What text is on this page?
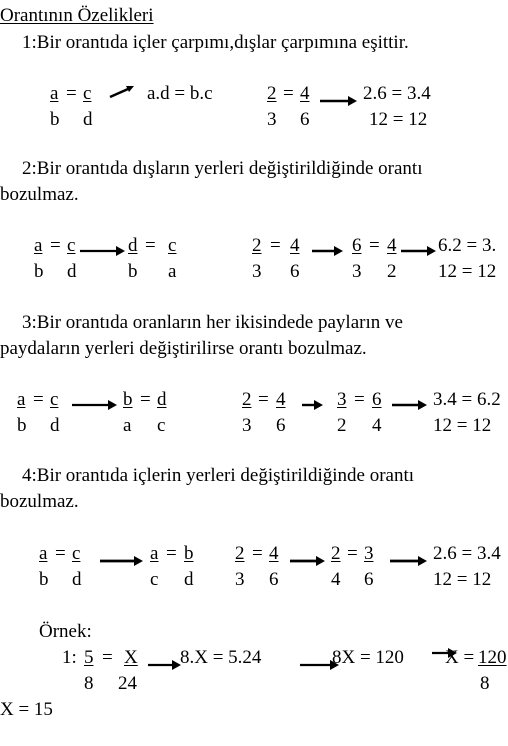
Orantının Özelikleri
1:Bir orantıda içler çarpımı,dışlar çarpımına eşittir.
a = c
b d
a.d = b.c	2 = 4
3 6
2.6 = 3.4
12 = 12
2:Bir orantıda dışların yerleri değiştirildiğinde orantı
bozulmaz.
a = c
b d
d = c
b a
2 = 4
3 6
6 = 4
3 2
6.2 = 3.
12 = 12
3:Bir orantıda oranların her ikisindede payların ve
paydaların yerleri değiştirilirse orantı bozulmaz.
a = c
b d
b = d
a c
2 = 4
3 6
3 = 6
2 4
3.4 = 6.2
12 = 12
4:Bir orantıda içlerin yerleri değiştirildiğinde orantı
bozulmaz.
a = c
b d
a = b
c d
2 = 4
3 6
2 = 3
4 6
2.6 = 3.4
12 = 12
Örnek:
1: 5 = X
8 24
8.X = 5.24	8X = 120 X = 120
8
X = 15
